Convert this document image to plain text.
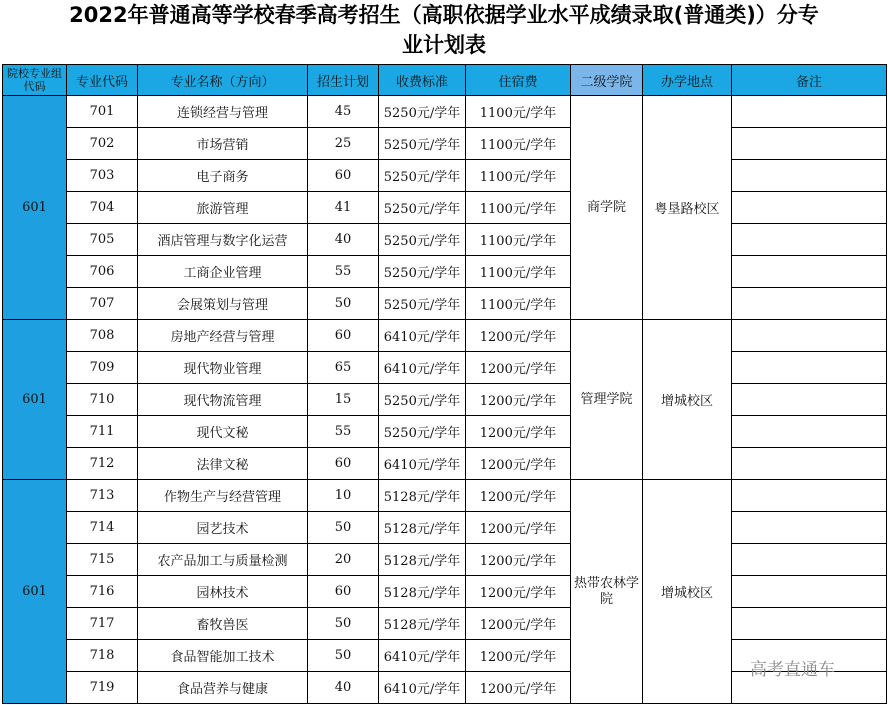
2022年普通高等学校春季高考招生（高职依据学业水平成绩录取(普通类)）分专
业计划表
院校专业组代码	专业代码	专业名称（方向）	招生计划	收费标准	住宿费	二级学院	办学地点	备注
601	701	连锁经营与管理	45	5250元/学年	1100元/学年	商学院	粤垦路校区	
	702	市场营销	25	5250元/学年	1100元/学年			
	703	电子商务	60	5250元/学年	1100元/学年			
	704	旅游管理	41	5250元/学年	1100元/学年			
	705	酒店管理与数字化运营	40	5250元/学年	1100元/学年			
	706	工商企业管理	55	5250元/学年	1100元/学年			
	707	会展策划与管理	50	5250元/学年	1100元/学年			
601	708	房地产经营与管理	60	6410元/学年	1200元/学年	管理学院	增城校区	
	709	现代物业管理	65	6410元/学年	1200元/学年			
	710	现代物流管理	15	5250元/学年	1200元/学年			
	711	现代文秘	55	5250元/学年	1200元/学年			
	712	法律文秘	60	6410元/学年	1200元/学年			
601	713	作物生产与经营管理	10	5128元/学年	1200元/学年	热带农林学院	增城校区	
	714	园艺技术	50	5128元/学年	1200元/学年			
	715	农产品加工与质量检测	20	5128元/学年	1200元/学年			
	716	园林技术	60	5128元/学年	1200元/学年			
	717	畜牧兽医	50	5128元/学年	1200元/学年			
	718	食品智能加工技术	50	6410元/学年	1200元/学年			
	719	食品营养与健康	40	6410元/学年	1200元/学年			
高考直通车
